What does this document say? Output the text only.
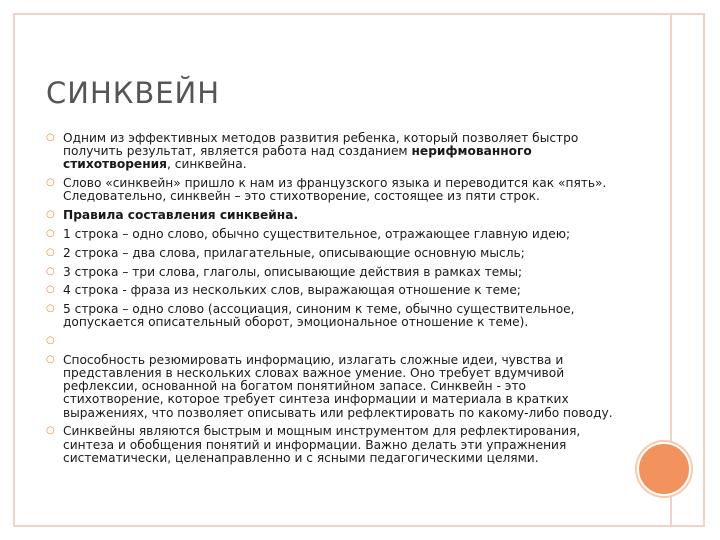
СИНКВЕЙН
○ Одним из эффективных методов развития ребенка, который позволяет быстро получить результат, является работа над созданием нерифмованного стихотворения, синквейна.
○ Слово «синквейн» пришло к нам из французского языка и переводится как «пять». Следовательно, синквейн – это стихотворение, состоящее из пяти строк.
○ Правила составления синквейна.
○ 1 строка – одно слово, обычно существительное, отражающее главную идею;
○ 2 строка – два слова, прилагательные, описывающие основную мысль;
○ 3 строка – три слова, глаголы, описывающие действия в рамках темы;
○ 4 строка - фраза из нескольких слов, выражающая отношение к теме;
○ 5 строка – одно слово (ассоциация, синоним к теме, обычно существительное, допускается описательный оборот, эмоциональное отношение к теме).
○
○ Способность резюмировать информацию, излагать сложные идеи, чувства и представления в нескольких словах важное умение. Оно требует вдумчивой рефлексии, основанной на богатом понятийном запасе. Синквейн - это стихотворение, которое требует синтеза информации и материала в кратких выражениях, что позволяет описывать или рефлектировать по какому-либо поводу.
○ Синквейны являются быстрым и мощным инструментом для рефлектирования, синтеза и обобщения понятий и информации. Важно делать эти упражнения систематически, целенаправленно и с ясными педагогическими целями.
